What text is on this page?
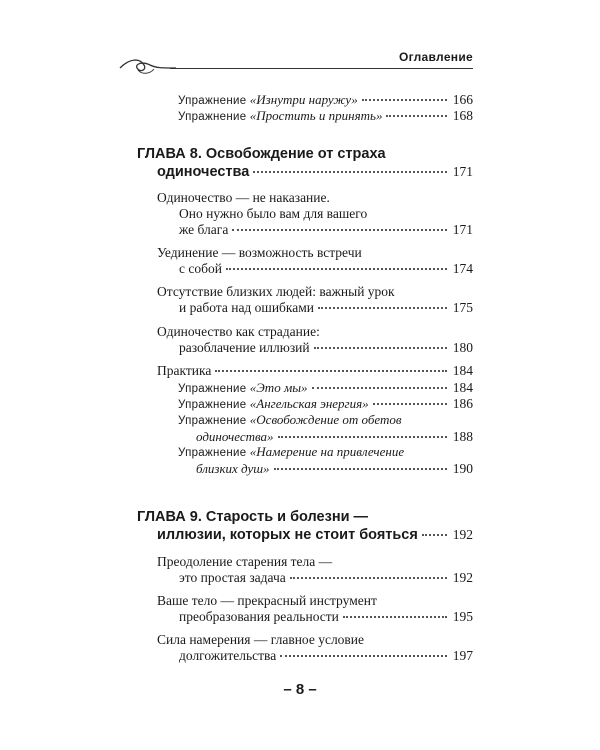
Оглавление
Упражнение
«Изнутри наружу»	166
Упражнение
«Простить и принять»	168
ГЛАВА 8. Освобождение от страха
одиночества	171
Одиночество — не наказание.
Оно нужно было вам для вашего
же блага	171
Уединение — возможность встречи
с собой	174
Отсутствие близких людей: важный урок
и работа над ошибками	175
Одиночество как страдание:
разоблачение иллюзий	180
Практика	184
Упражнение
«Это мы»	184
Упражнение
«Ангельская энергия»	186
Упражнение «Освобождение от обетов
одиночества»	188
Упражнение «Намерение на привлечение
близких душ»	190
ГЛАВА 9. Старость и болезни —
иллюзии, которых не стоит бояться	192
Преодоление старения тела —
это простая задача	192
Ваше тело — прекрасный инструмент
преобразования реальности	195
Сила намерения — главное условие
долгожительства	197
– 8 –
